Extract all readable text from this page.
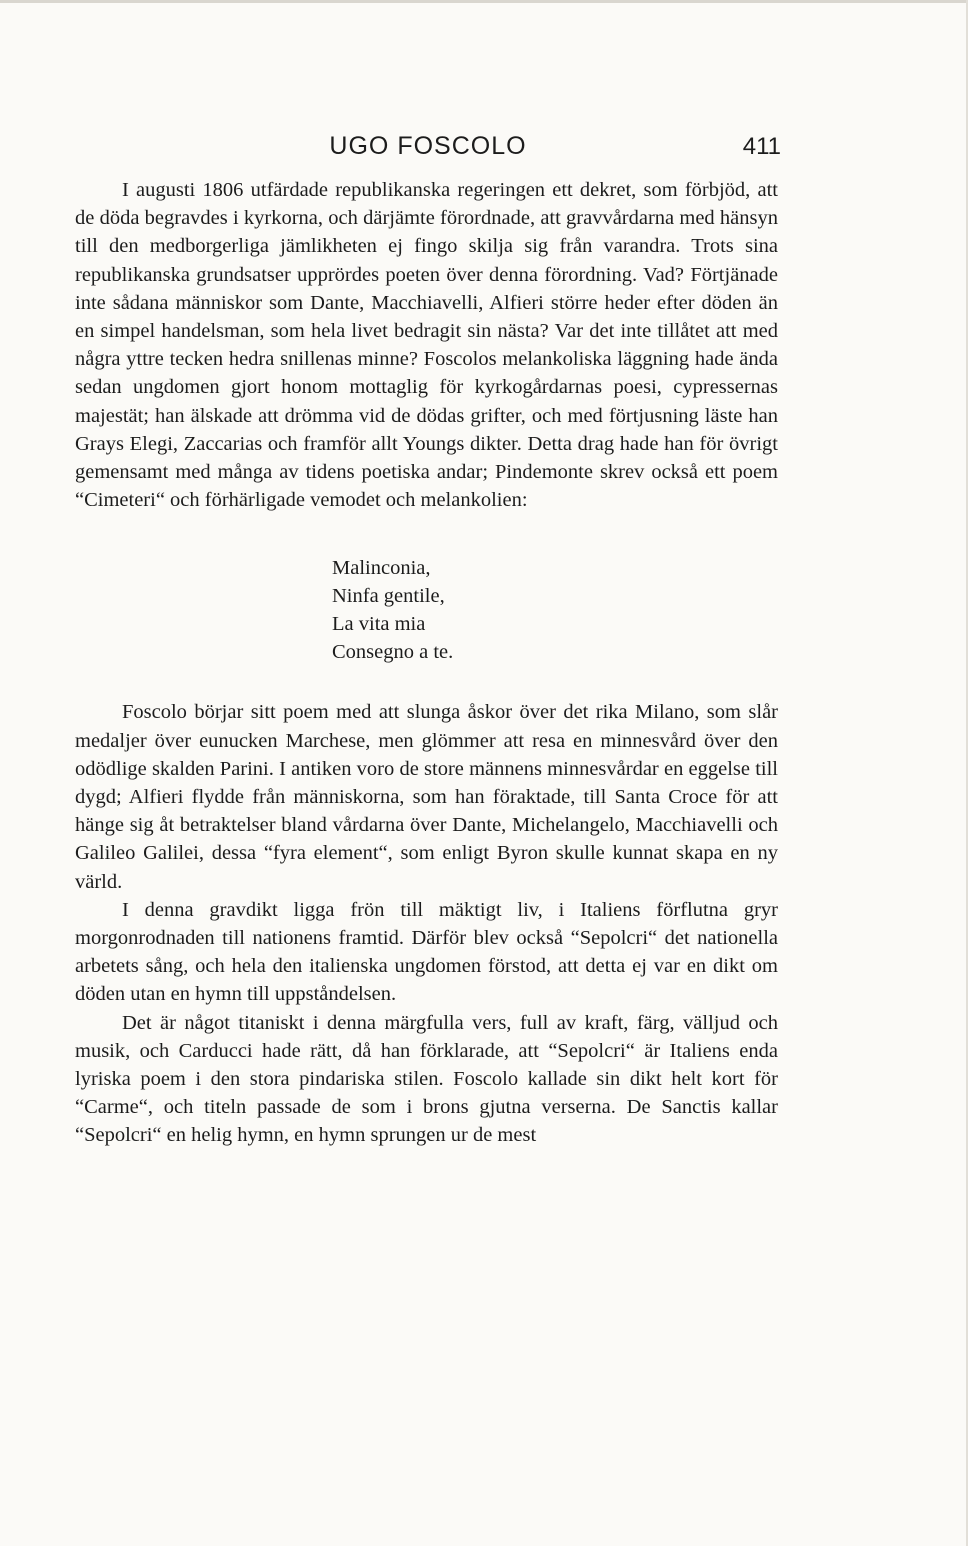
UGO FOSCOLO	411

I augusti 1806 utfärdade republikanska regeringen ett dekret, som förbjöd, att de döda begravdes i kyrkorna, och därjämte förordnade, att gravvårdarna med hänsyn till den medborgerliga jämlikheten ej fingo skilja sig från varandra. Trots sina republikanska grundsatser upprördes poeten över denna förordning. Vad? Förtjänade inte sådana människor som Dante, Macchiavelli, Alfieri större heder efter döden än en simpel handelsman, som hela livet bedragit sin nästa? Var det inte tillåtet att med några yttre tecken hedra snillenas minne? Foscolos melankoliska läggning hade ända sedan ungdomen gjort honom mottaglig för kyrkogårdarnas poesi, cypressernas majestät; han älskade att drömma vid de dödas grifter, och med förtjusning läste han Grays Elegi, Zaccarias och framför allt Youngs dikter. Detta drag hade han för övrigt gemensamt med många av tidens poetiska andar; Pindemonte skrev också ett poem “Cimeteri“ och förhärligade vemodet och melankolien:

Malinconia,
Ninfa gentile,
La vita mia
Consegno a te.

Foscolo börjar sitt poem med att slunga åskor över det rika Milano, som slår medaljer över eunucken Marchese, men glömmer att resa en minnesvård över den odödlige skalden Parini. I antiken voro de store männens minnesvårdar en eggelse till dygd; Alfieri flydde från människorna, som han föraktade, till Santa Croce för att hänge sig åt betraktelser bland vårdarna över Dante, Michelangelo, Macchiavelli och Galileo Galilei, dessa “fyra element“, som enligt Byron skulle kunnat skapa en ny värld.

I denna gravdikt ligga frön till mäktigt liv, i Italiens förflutna gryr morgonrodnaden till nationens framtid. Därför blev också “Sepolcri“ det nationella arbetets sång, och hela den italienska ungdomen förstod, att detta ej var en dikt om döden utan en hymn till uppståndelsen.

Det är något titaniskt i denna märgfulla vers, full av kraft, färg, välljud och musik, och Carducci hade rätt, då han förklarade, att “Sepolcri“ är Italiens enda lyriska poem i den stora pindariska stilen. Foscolo kallade sin dikt helt kort för “Carme“, och titeln passade de som i brons gjutna verserna. De Sanctis kallar “Sepolcri“ en helig hymn, en hymn sprungen ur de mest
